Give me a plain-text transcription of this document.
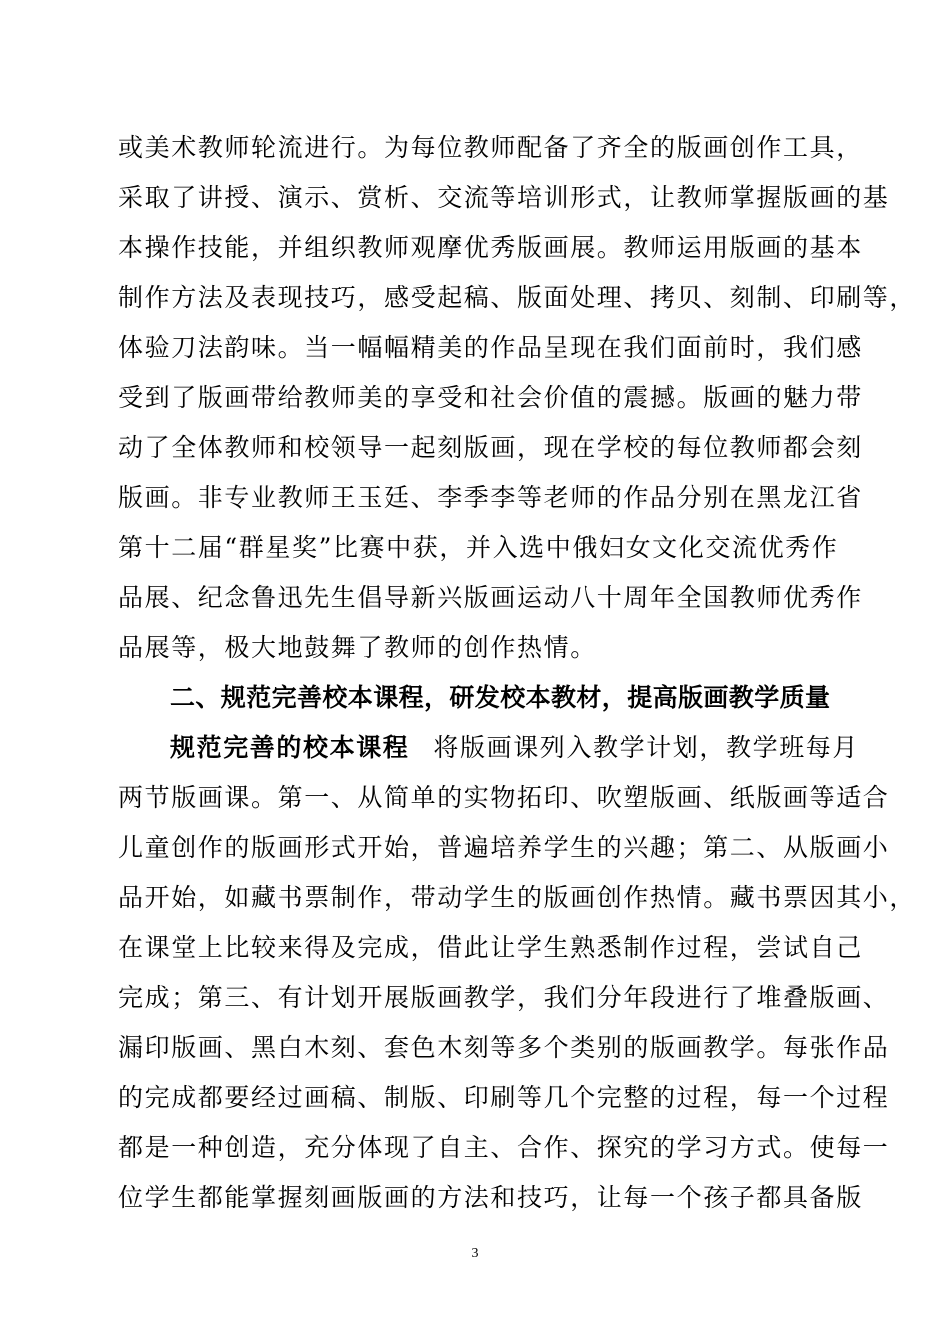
或美术教师轮流进行。为每位教师配备了齐全的版画创作工具，
采取了讲授、演示、赏析、交流等培训形式，让教师掌握版画的基
本操作技能，并组织教师观摩优秀版画展。教师运用版画的基本
制作方法及表现技巧，感受起稿、版面处理、拷贝、刻制、印刷等，
体验刀法韵味。当一幅幅精美的作品呈现在我们面前时，我们感
受到了版画带给教师美的享受和社会价值的震撼。版画的魅力带
动了全体教师和校领导一起刻版画，现在学校的每位教师都会刻
版画。非专业教师王玉廷、李季李等老师的作品分别在黑龙江省
第十二届“群星奖”比赛中获，并入选中俄妇女文化交流优秀作
品展、纪念鲁迅先生倡导新兴版画运动八十周年全国教师优秀作
品展等，极大地鼓舞了教师的创作热情。
二、规范完善校本课程，研发校本教材，提高版画教学质量
规范完善的校本课程 将版画课列入教学计划，教学班每月
两节版画课。第一、从简单的实物拓印、吹塑版画、纸版画等适合
儿童创作的版画形式开始，普遍培养学生的兴趣；第二、从版画小
品开始，如藏书票制作，带动学生的版画创作热情。藏书票因其小，
在课堂上比较来得及完成，借此让学生熟悉制作过程，尝试自己
完成；第三、有计划开展版画教学，我们分年段进行了堆叠版画、
漏印版画、黑白木刻、套色木刻等多个类别的版画教学。每张作品
的完成都要经过画稿、制版、印刷等几个完整的过程，每一个过程
都是一种创造，充分体现了自主、合作、探究的学习方式。使每一
位学生都能掌握刻画版画的方法和技巧，让每一个孩子都具备版
3
